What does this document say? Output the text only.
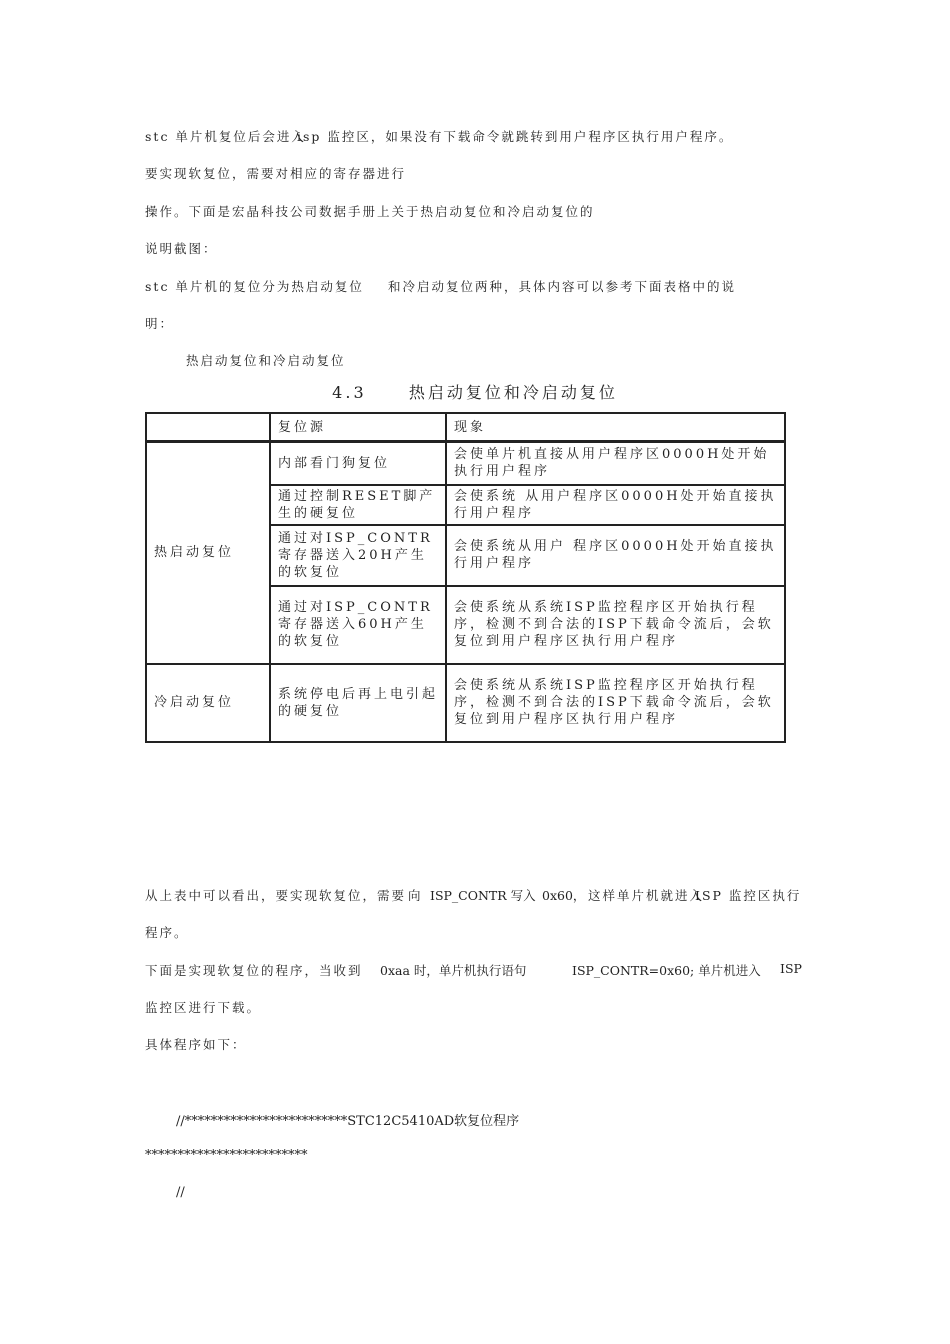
stc 单片机复位后会进入
isp 监控区，如果没有下载命令就跳转到用户程序区执行用户程序。
要实现软复位，需要对相应的寄存器进行
操作。下面是宏晶科技公司数据手册上关于热启动复位和冷启动复位的
说明截图：
stc 单片机的复位分为热启动复位 和冷启动复位两种，具体内容可以参考下面表格中的说
明：
热启动复位和冷启动复位
4.3	热启动复位和冷启动复位
	复位源	现象
热启动复位	内部看门狗复位	会使单片机直接从用户程序区0000H处开始执行用户程序
	通过控制RESET脚产生的硬复位	会使系统 从用户程序区0000H处开始直接执行用户程序
	通过对ISP_CONTR寄存器送入20H产生的软复位	会使系统从用户 程序区0000H处开始直接执行用户程序
	通过对ISP_CONTR寄存器送入60H产生的软复位	会使系统从系统ISP监控程序区开始执行程序，检测不到合法的ISP下载命令流后，会软复位到用户程序区执行用户程序
冷启动复位	系统停电后再上电引起的硬复位	会使系统从系统ISP监控程序区开始执行程序，检测不到合法的ISP下载命令流后，会软复位到用户程序区执行用户程序
从上表中可以看出，要实现软复位，需要 向 ISP_CONTR 写入 0x60， 这样单片机就进入
ISP 监控区执行
程序。
下面是实现软复位的程序，当收到 0xaa 时，单片机执行语句	ISP_CONTR=0x60; 单片机进入 ISP
监控区进行下载。
具体程序如下：
//*************************STC12C5410AD软复位程序
*************************
//
